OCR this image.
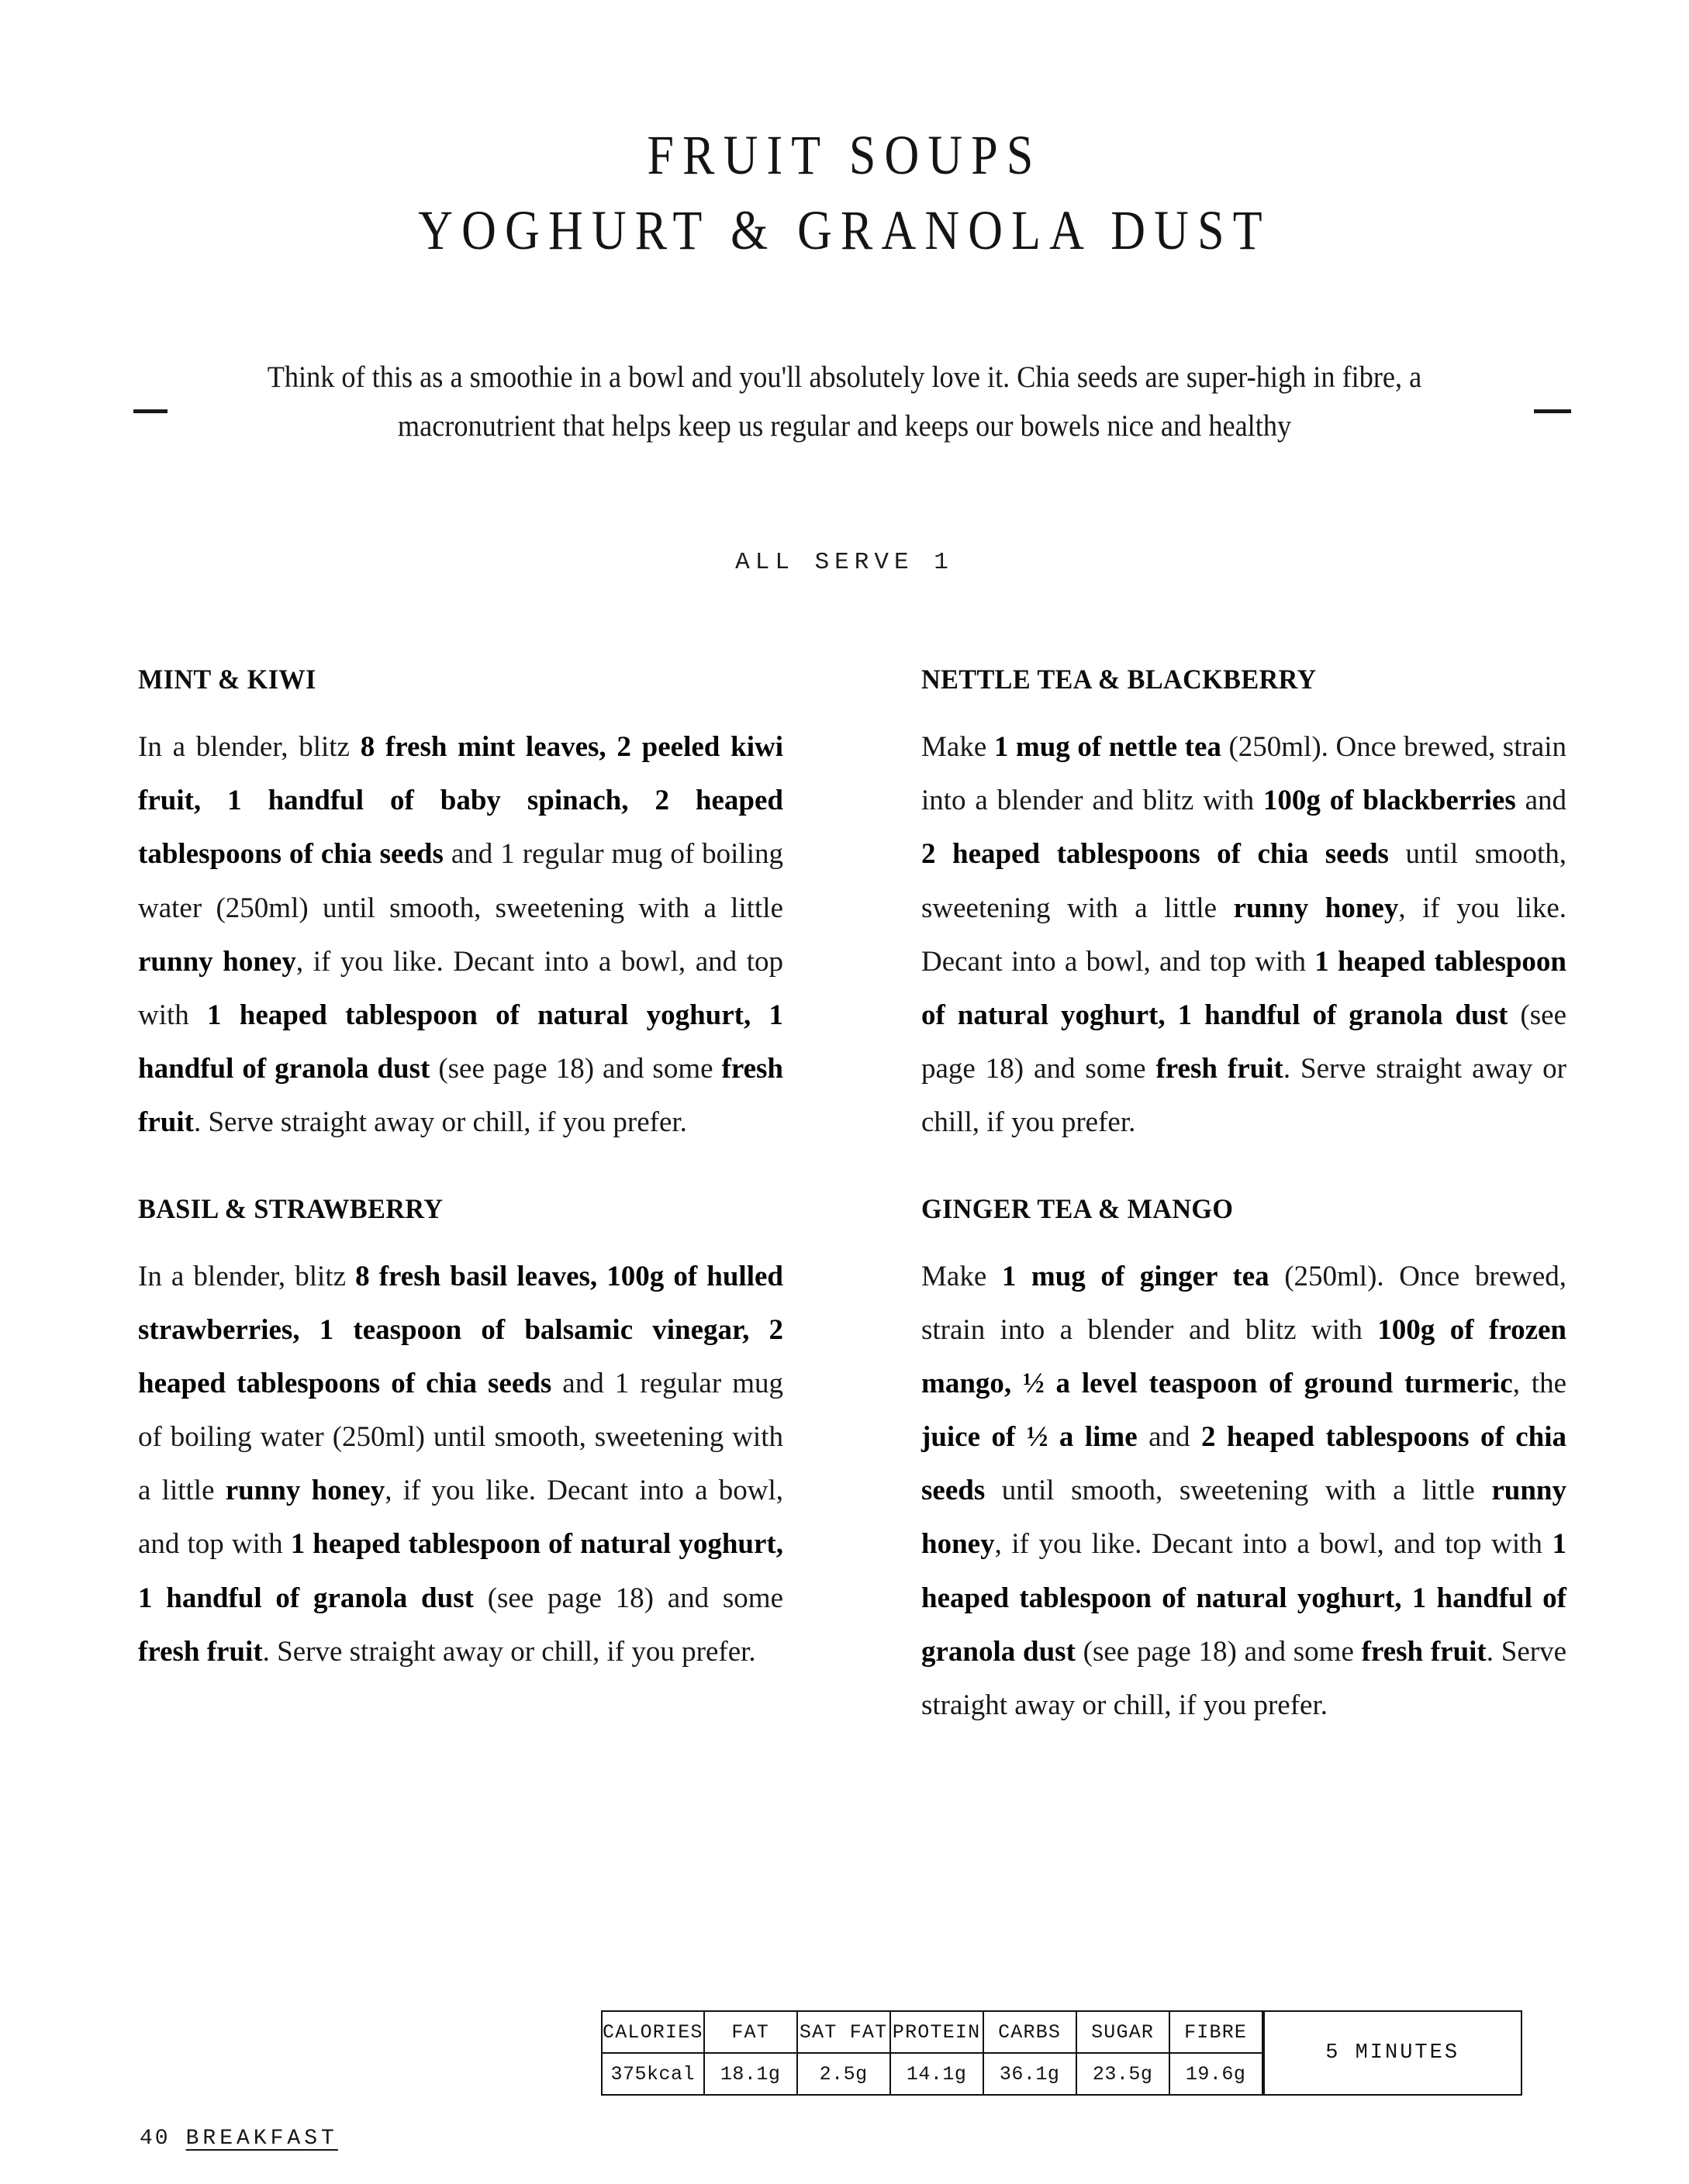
FRUIT SOUPS
YOGHURT & GRANOLA DUST

Think of this as a smoothie in a bowl and you'll absolutely love it. Chia seeds are super-high in fibre, a macronutrient that helps keep us regular and keeps our bowels nice and healthy

ALL SERVE 1
MINT & KIWI
In a blender, blitz 8 fresh mint leaves, 2 peeled kiwi fruit, 1 handful of baby spinach, 2 heaped tablespoons of chia seeds and 1 regular mug of boiling water (250ml) until smooth, sweetening with a little runny honey, if you like. Decant into a bowl, and top with 1 heaped tablespoon of natural yoghurt, 1 handful of granola dust (see page 18) and some fresh fruit. Serve straight away or chill, if you prefer.
BASIL & STRAWBERRY
In a blender, blitz 8 fresh basil leaves, 100g of hulled strawberries, 1 teaspoon of balsamic vinegar, 2 heaped tablespoons of chia seeds and 1 regular mug of boiling water (250ml) until smooth, sweetening with a little runny honey, if you like. Decant into a bowl, and top with 1 heaped tablespoon of natural yoghurt, 1 handful of granola dust (see page 18) and some fresh fruit. Serve straight away or chill, if you prefer.
NETTLE TEA & BLACKBERRY
Make 1 mug of nettle tea (250ml). Once brewed, strain into a blender and blitz with 100g of blackberries and 2 heaped tablespoons of chia seeds until smooth, sweetening with a little runny honey, if you like. Decant into a bowl, and top with 1 heaped tablespoon of natural yoghurt, 1 handful of granola dust (see page 18) and some fresh fruit. Serve straight away or chill, if you prefer.
GINGER TEA & MANGO
Make 1 mug of ginger tea (250ml). Once brewed, strain into a blender and blitz with 100g of frozen mango, ½ a level teaspoon of ground turmeric, the juice of ½ a lime and 2 heaped tablespoons of chia seeds until smooth, sweetening with a little runny honey, if you like. Decant into a bowl, and top with 1 heaped tablespoon of natural yoghurt, 1 handful of granola dust (see page 18) and some fresh fruit. Serve straight away or chill, if you prefer.
CALORIES	FAT	SAT FAT	PROTEIN	CARBS	SUGAR	FIBRE	5 MINUTES
375kcal	18.1g	2.5g	14.1g	36.1g	23.5g	19.6g	
40 BREAKFAST
